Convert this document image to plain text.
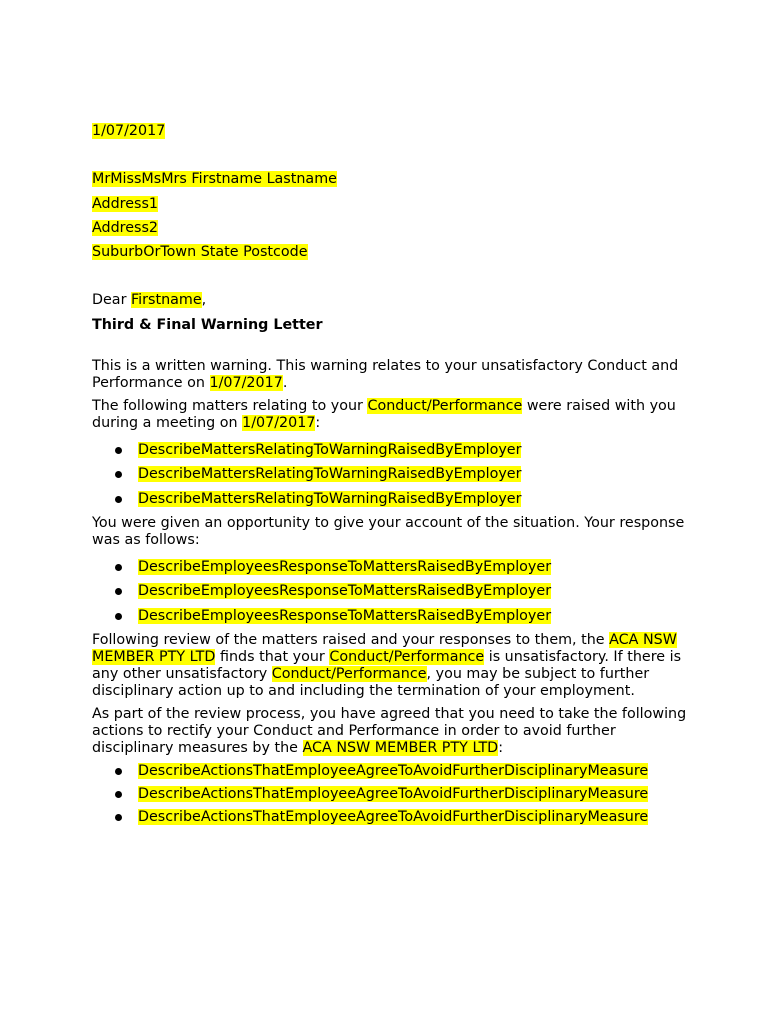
1/07/2017
MrMissMsMrs Firstname Lastname
Address1
Address2
SuburbOrTown State Postcode
Dear Firstname,
Third & Final Warning Letter

This is a written warning. This warning relates to your unsatisfactory Conduct and Performance on 1/07/2017.

The following matters relating to your Conduct/Performance were raised with you during a meeting on 1/07/2017:

DescribeMattersRelatingToWarningRaisedByEmployer
DescribeMattersRelatingToWarningRaisedByEmployer
DescribeMattersRelatingToWarningRaisedByEmployer

You were given an opportunity to give your account of the situation. Your response was as follows:

DescribeEmployeesResponseToMattersRaisedByEmployer
DescribeEmployeesResponseToMattersRaisedByEmployer
DescribeEmployeesResponseToMattersRaisedByEmployer

Following review of the matters raised and your responses to them, the ACA NSW MEMBER PTY LTD finds that your Conduct/Performance is unsatisfactory. If there is any other unsatisfactory Conduct/Performance, you may be subject to further disciplinary action up to and including the termination of your employment.

As part of the review process, you have agreed that you need to take the following actions to rectify your Conduct and Performance in order to avoid further disciplinary measures by the ACA NSW MEMBER PTY LTD:

DescribeActionsThatEmployeeAgreeToAvoidFurtherDisciplinaryMeasure
DescribeActionsThatEmployeeAgreeToAvoidFurtherDisciplinaryMeasure
DescribeActionsThatEmployeeAgreeToAvoidFurtherDisciplinaryMeasure
